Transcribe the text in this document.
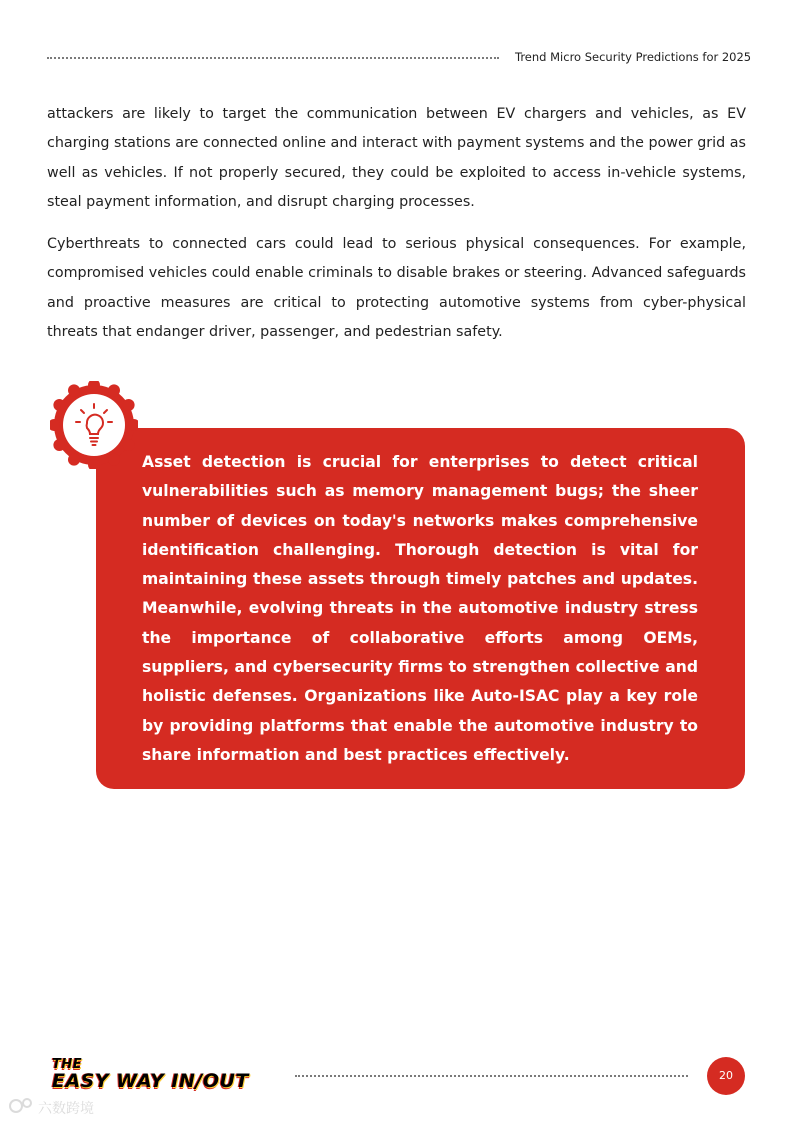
Trend Micro Security Predictions for 2025

attackers are likely to target the communication between EV chargers and vehicles, as EV charging stations are connected online and interact with payment systems and the power grid as well as vehicles. If not properly secured, they could be exploited to access in-vehicle systems, steal payment information, and disrupt charging processes.

Cyberthreats to connected cars could lead to serious physical consequences. For example, compromised vehicles could enable criminals to disable brakes or steering. Advanced safeguards and proactive measures are critical to protecting automotive systems from cyber-physical threats that endanger driver, passenger, and pedestrian safety.

Asset detection is crucial for enterprises to detect critical vulnerabilities such as memory management bugs; the sheer number of devices on today's networks makes comprehensive identification challenging. Thorough detection is vital for maintaining these assets through timely patches and updates. Meanwhile, evolving threats in the automotive industry stress the importance of collaborative efforts among OEMs, suppliers, and cybersecurity firms to strengthen collective and holistic defenses. Organizations like Auto-ISAC play a key role by providing platforms that enable the automotive industry to share information and best practices effectively.

THE
EASY WAY IN/OUT	20
六数跨境
